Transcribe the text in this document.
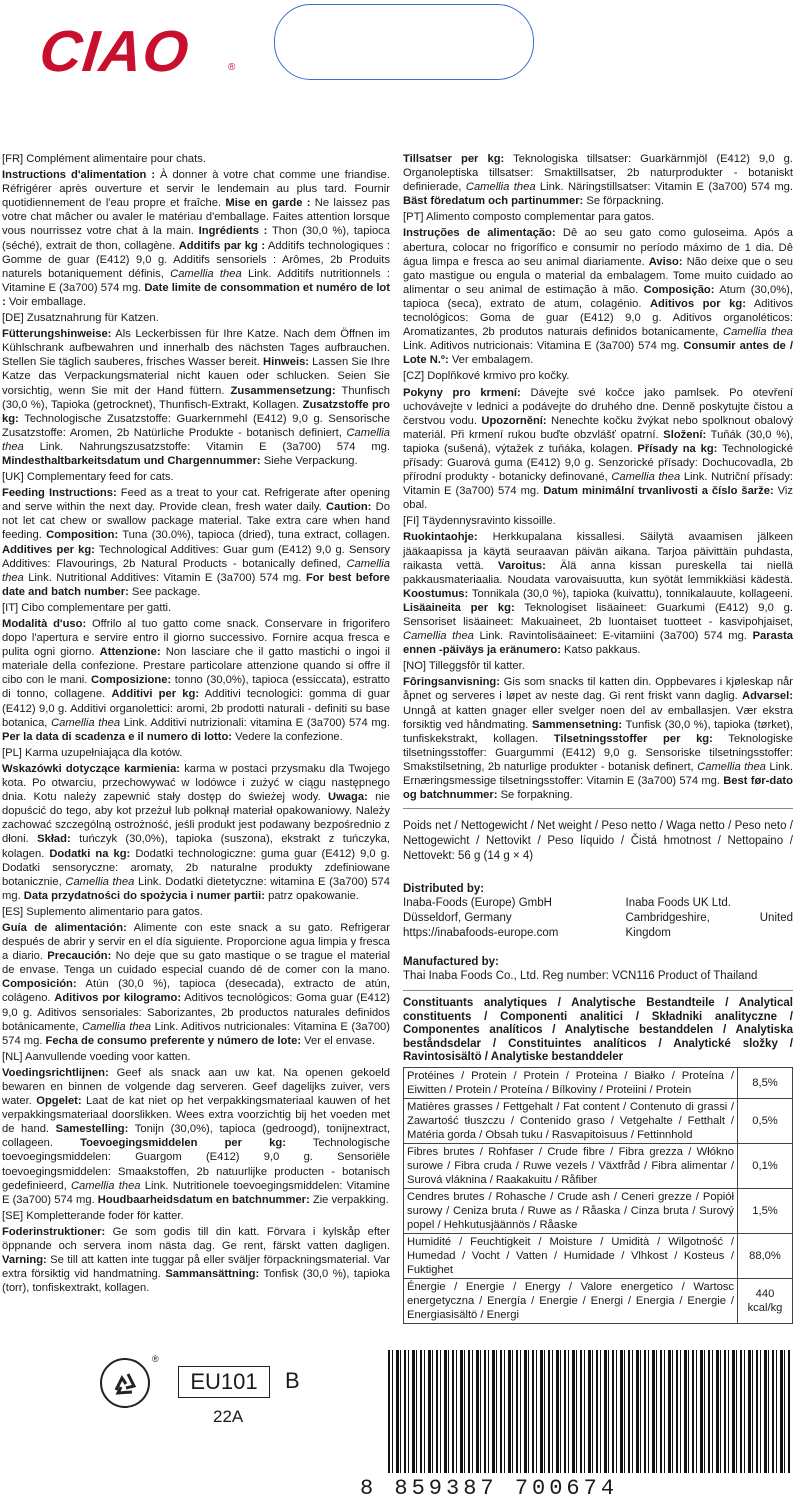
CIAO	®

[FR] Complément alimentaire pour chats.

Instructions d'alimentation : À donner à votre chat comme une friandise. Réfrigérer après ouverture et servir le lendemain au plus tard. Fournir quotidiennement de l'eau propre et fraîche. Mise en garde : Ne laissez pas votre chat mâcher ou avaler le matériau d'emballage. Faites attention lorsque vous nourrissez votre chat à la main. Ingrédients : Thon (30,0 %), tapioca (séché), extrait de thon, collagène. Additifs par kg : Additifs technologiques : Gomme de guar (E412) 9,0 g. Additifs sensoriels : Arômes, 2b Produits naturels botaniquement définis, Camellia thea Link. Additifs nutritionnels : Vitamine E (3a700) 574 mg. Date limite de consommation et numéro de lot : Voir emballage.

[DE] Zusatznahrung für Katzen.

Fütterungshinweise: Als Leckerbissen für Ihre Katze. Nach dem Öffnen im Kühlschrank aufbewahren und innerhalb des nächsten Tages aufbrauchen. Stellen Sie täglich sauberes, frisches Wasser bereit. Hinweis: Lassen Sie Ihre Katze das Verpackungsmaterial nicht kauen oder schlucken. Seien Sie vorsichtig, wenn Sie mit der Hand füttern. Zusammensetzung: Thunfisch (30,0 %), Tapioka (getrocknet), Thunfisch-Extrakt, Kollagen. Zusatzstoffe pro kg: Technologische Zusatzstoffe: Guarkernmehl (E412) 9,0 g. Sensorische Zusatzstoffe: Aromen, 2b Natürliche Produkte - botanisch definiert, Camellia thea Link. Nahrungszusatzstoffe: Vitamin E (3a700) 574 mg. Mindesthaltbarkeitsdatum und Chargennummer: Siehe Verpackung.

[UK] Complementary feed for cats.

Feeding Instructions: Feed as a treat to your cat. Refrigerate after opening and serve within the next day. Provide clean, fresh water daily. Caution: Do not let cat chew or swallow package material. Take extra care when hand feeding. Composition: Tuna (30.0%), tapioca (dried), tuna extract, collagen. Additives per kg: Technological Additives: Guar gum (E412) 9,0 g. Sensory Additives: Flavourings, 2b Natural Products - botanically defined, Camellia thea Link. Nutritional Additives: Vitamin E (3a700) 574 mg. For best before date and batch number: See package.

[IT] Cibo complementare per gatti.

Modalità d'uso: Offrilo al tuo gatto come snack. Conservare in frigorifero dopo l'apertura e servire entro il giorno successivo. Fornire acqua fresca e pulita ogni giorno. Attenzione: Non lasciare che il gatto mastichi o ingoi il materiale della confezione. Prestare particolare attenzione quando si offre il cibo con le mani. Composizione: tonno (30,0%), tapioca (essiccata), estratto di tonno, collagene. Additivi per kg: Additivi tecnologici: gomma di guar (E412) 9,0 g. Additivi organolettici: aromi, 2b prodotti naturali - definiti su base botanica, Camellia thea Link. Additivi nutrizionali: vitamina E (3a700) 574 mg. Per la data di scadenza e il numero di lotto: Vedere la confezione.

[PL] Karma uzupełniająca dla kotów.

Wskazówki dotyczące karmienia: karma w postaci przysmaku dla Twojego kota. Po otwarciu, przechowywać w lodówce i zużyć w ciągu następnego dnia. Kotu należy zapewnić stały dostęp do świeżej wody. Uwaga: nie dopuścić do tego, aby kot przeżuł lub połknął materiał opakowaniowy. Należy zachować szczególną ostrożność, jeśli produkt jest podawany bezpośrednio z dłoni. Skład: tuńczyk (30,0%), tapioka (suszona), ekstrakt z tuńczyka, kolagen. Dodatki na kg: Dodatki technologiczne: guma guar (E412) 9,0 g. Dodatki sensoryczne: aromaty, 2b naturalne produkty zdefiniowane botanicznie, Camellia thea Link. Dodatki dietetyczne: witamina E (3a700) 574 mg. Data przydatności do spożycia i numer partii: patrz opakowanie.

[ES] Suplemento alimentario para gatos.

Guía de alimentación: Alimente con este snack a su gato. Refrigerar después de abrir y servir en el día siguiente. Proporcione agua limpia y fresca a diario. Precaución: No deje que su gato mastique o se trague el material de envase. Tenga un cuidado especial cuando dé de comer con la mano. Composición: Atún (30,0 %), tapioca (desecada), extracto de atún, colágeno. Aditivos por kilogramo: Aditivos tecnológicos: Goma guar (E412) 9,0 g. Aditivos sensoriales: Saborizantes, 2b productos naturales definidos botánicamente, Camellia thea Link. Aditivos nutricionales: Vitamina E (3a700) 574 mg. Fecha de consumo preferente y número de lote: Ver el envase.

[NL] Aanvullende voeding voor katten.

Voedingsrichtlijnen: Geef als snack aan uw kat. Na openen gekoeld bewaren en binnen de volgende dag serveren. Geef dagelijks zuiver, vers water. Opgelet: Laat de kat niet op het verpakkingsmateriaal kauwen of het verpakkingsmateriaal doorslikken. Wees extra voorzichtig bij het voeden met de hand. Samestelling: Tonijn (30,0%), tapioca (gedroogd), tonijnextract, collageen. Toevoegingsmiddelen per kg: Technologische toevoegingsmiddelen: Guargom (E412) 9,0 g. Sensoriële toevoegingsmiddelen: Smaakstoffen, 2b natuurlijke producten - botanisch gedefinieerd, Camellia thea Link. Nutritionele toevoegingsmiddelen: Vitamine E (3a700) 574 mg. Houdbaarheidsdatum en batchnummer: Zie verpakking.

[SE] Kompletterande foder för katter.

Foderinstruktioner: Ge som godis till din katt. Förvara i kylskåp efter öppnande och servera inom nästa dag. Ge rent, färskt vatten dagligen. Varning: Se till att katten inte tuggar på eller sväljer förpackningsmaterial. Var extra försiktig vid handmatning. Sammansättning: Tonfisk (30,0 %), tapioka (torr), tonfiskextrakt, kollagen.

Tillsatser per kg: Teknologiska tillsatser: Guarkärnmjöl (E412) 9,0 g. Organoleptiska tillsatser: Smaktillsatser, 2b naturprodukter - botaniskt definierade, Camellia thea Link. Näringstillsatser: Vitamin E (3a700) 574 mg. Bäst föredatum och partinummer: Se förpackning.

[PT] Alimento composto complementar para gatos.

Instruções de alimentação: Dê ao seu gato como guloseima. Após a abertura, colocar no frigorífico e consumir no período máximo de 1 dia. Dê água limpa e fresca ao seu animal diariamente. Aviso: Não deixe que o seu gato mastigue ou engula o material da embalagem. Tome muito cuidado ao alimentar o seu animal de estimação à mão. Composição: Atum (30,0%), tapioca (seca), extrato de atum, colagénio. Aditivos por kg: Aditivos tecnológicos: Goma de guar (E412) 9,0 g. Aditivos organoléticos: Aromatizantes, 2b produtos naturais definidos botanicamente, Camellia thea Link. Aditivos nutricionais: Vitamina E (3a700) 574 mg. Consumir antes de / Lote N.º: Ver embalagem.

[CZ] Doplňkové krmivo pro kočky.

Pokyny pro krmení: Dávejte své kočce jako pamlsek. Po otevření uchovávejte v lednici a podávejte do druhého dne. Denně poskytujte čistou a čerstvou vodu. Upozornění: Nenechte kočku žvýkat nebo spolknout obalový materiál. Při krmení rukou buďte obzvlášť opatrní. Složení: Tuňák (30,0 %), tapioka (sušená), výtažek z tuňáka, kolagen. Přísady na kg: Technologické přísady: Guarová guma (E412) 9,0 g. Senzorické přísady: Dochucovadla, 2b přírodní produkty - botanicky definované, Camellia thea Link. Nutriční přísady: Vitamin E (3a700) 574 mg. Datum minimální trvanlivosti a číslo šarže: Viz obal.

[FI] Täydennysravinto kissoille.

Ruokintaohje: Herkkupalana kissallesi. Säilytä avaamisen jälkeen jääkaapissa ja käytä seuraavan päivän aikana. Tarjoa päivittäin puhdasta, raikasta vettä. Varoitus: Älä anna kissan pureskella tai niellä pakkausmateriaalia. Noudata varovaisuutta, kun syötät lemmikkiäsi kädestä. Koostumus: Tonnikala (30,0 %), tapioka (kuivattu), tonnikalauute, kollageeni. Lisäaineita per kg: Teknologiset lisäaineet: Guarkumi (E412) 9,0 g. Sensoriset lisäaineet: Makuaineet, 2b luontaiset tuotteet - kasvipohjaiset, Camellia thea Link. Ravintolisäaineet: E-vitamiini (3a700) 574 mg. Parasta ennen -päiväys ja eränumero: Katso pakkaus.

[NO] Tilleggsfôr til katter.

Fôringsanvisning: Gis som snacks til katten din. Oppbevares i kjøleskap når åpnet og serveres i løpet av neste dag. Gi rent friskt vann daglig. Advarsel: Unngå at katten gnager eller svelger noen del av emballasjen. Vær ekstra forsiktig ved håndmating. Sammensetning: Tunfisk (30,0 %), tapioka (tørket), tunfiskekstrakt, kollagen. Tilsetningsstoffer per kg: Teknologiske tilsetningsstoffer: Guargummi (E412) 9,0 g. Sensoriske tilsetningsstoffer: Smakstilsetning, 2b naturlige produkter - botanisk definert, Camellia thea Link. Ernæringsmessige tilsetningsstoffer: Vitamin E (3a700) 574 mg. Best før-dato og batchnummer: Se forpakning.

Poids net / Nettogewicht / Net weight / Peso netto / Waga netto / Peso neto / Nettogewicht / Nettovikt / Peso líquido / Čistá hmotnost / Nettopaino / Nettovekt: 56 g (14 g × 4)
Distributed by:
Inaba-Foods (Europe) GmbH
Düsseldorf, Germany
https://inabafoods-europe.com
Inaba Foods UK Ltd.
Cambridgeshire, United Kingdom
Manufactured by:
Thai Inaba Foods Co., Ltd. Reg number: VCN116 Product of Thailand
Constituants analytiques / Analytische Bestandteile / Analytical constituents / Componenti analitici / Składniki analityczne / Componentes analíticos / Analytische bestanddelen / Analytiska beståndsdelar / Constituintes analíticos / Analytické složky / Ravintosisältö / Analytiske bestanddeler
Protéines / Protein / Protein / Proteina / Białko / Proteína / Eiwitten / Protein / Proteína / Bílkoviny / Proteiini / Protein	8,5%
Matières grasses / Fettgehalt / Fat content / Contenuto di grassi / Zawartość tłuszczu / Contenido graso / Vetgehalte / Fetthalt / Matéria gorda / Obsah tuku / Rasvapitoisuus / Fettinnhold	0,5%
Fibres brutes / Rohfaser / Crude fibre / Fibra grezza / Włókno surowe / Fibra cruda / Ruwe vezels / Växtfråd / Fibra alimentar / Surová vláknina / Raakakuitu / Råfiber	0,1%
Cendres brutes / Rohasche / Crude ash / Ceneri grezze / Popiół surowy / Ceniza bruta / Ruwe as / Råaska / Cinza bruta / Surový popel / Hehkutusjäännös / Råaske	1,5%
Humidité / Feuchtigkeit / Moisture / Umidità / Wilgotność / Humedad / Vocht / Vatten / Humidade / Vlhkost / Kosteus / Fuktighet	88,0%
Énergie / Energie / Energy / Valore energetico / Wartosc energetyczna / Energía / Energie / Energi / Energia / Energie / Energiasisältö / Energi	440 kcal/kg
®
EU101	B
22A
8 859387 700674
